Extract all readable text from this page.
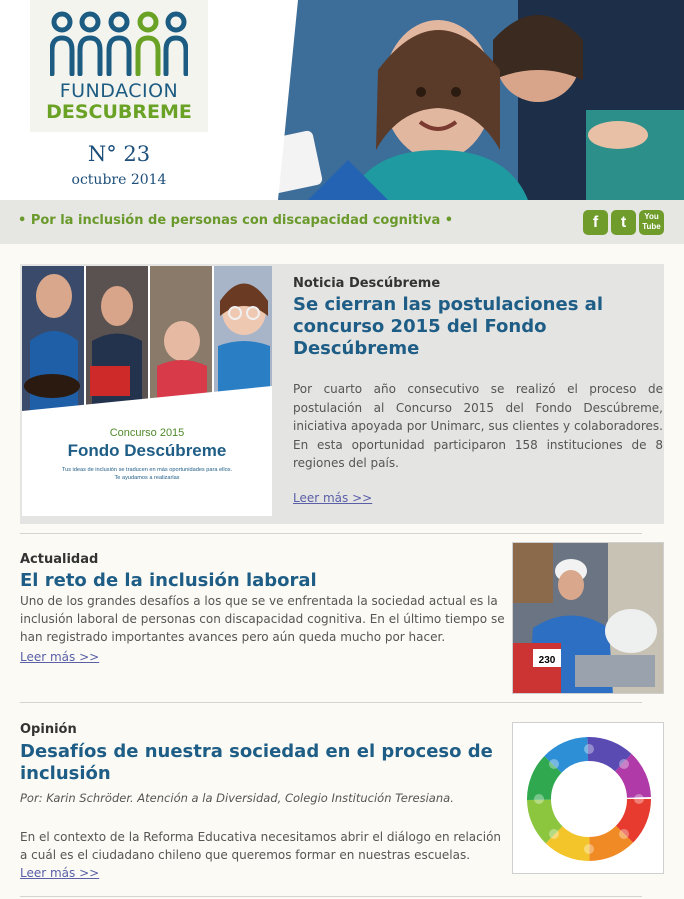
FUNDACION
DESCUBREME
N° 23
octubre 2014
• Por la inclusión de personas con discapacidad cognitiva •	f	t	You
Tube
Concurso 2015
Fondo Descúbreme
Tus ideas de inclusión se traducen en más oportunidades para ellos.
Te ayudamos a realizarlas
Noticia Descúbreme
Se cierran las postulaciones al concurso 2015 del Fondo Descúbreme
Por cuarto año consecutivo se realizó el proceso de postulación al Concurso 2015 del Fondo Descúbreme, iniciativa apoyada por Unimarc, sus clientes y colaboradores. En esta oportunidad participaron 158 instituciones de 8 regiones del país.
Leer más >>
Actualidad
El reto de la inclusión laboral
Uno de los grandes desafíos a los que se ve enfrentada la sociedad actual es la inclusión laboral de personas con discapacidad cognitiva. En el último tiempo se han registrado importantes avances pero aún queda mucho por hacer.
Leer más >>	230
Opinión
Desafíos de nuestra sociedad en el proceso de inclusión
Por: Karin Schröder. Atención a la Diversidad, Colegio Institución Teresiana.
En el contexto de la Reforma Educativa necesitamos abrir el diálogo en relación a cuál es el ciudadano chileno que queremos formar en nuestras escuelas.
Leer más >>
